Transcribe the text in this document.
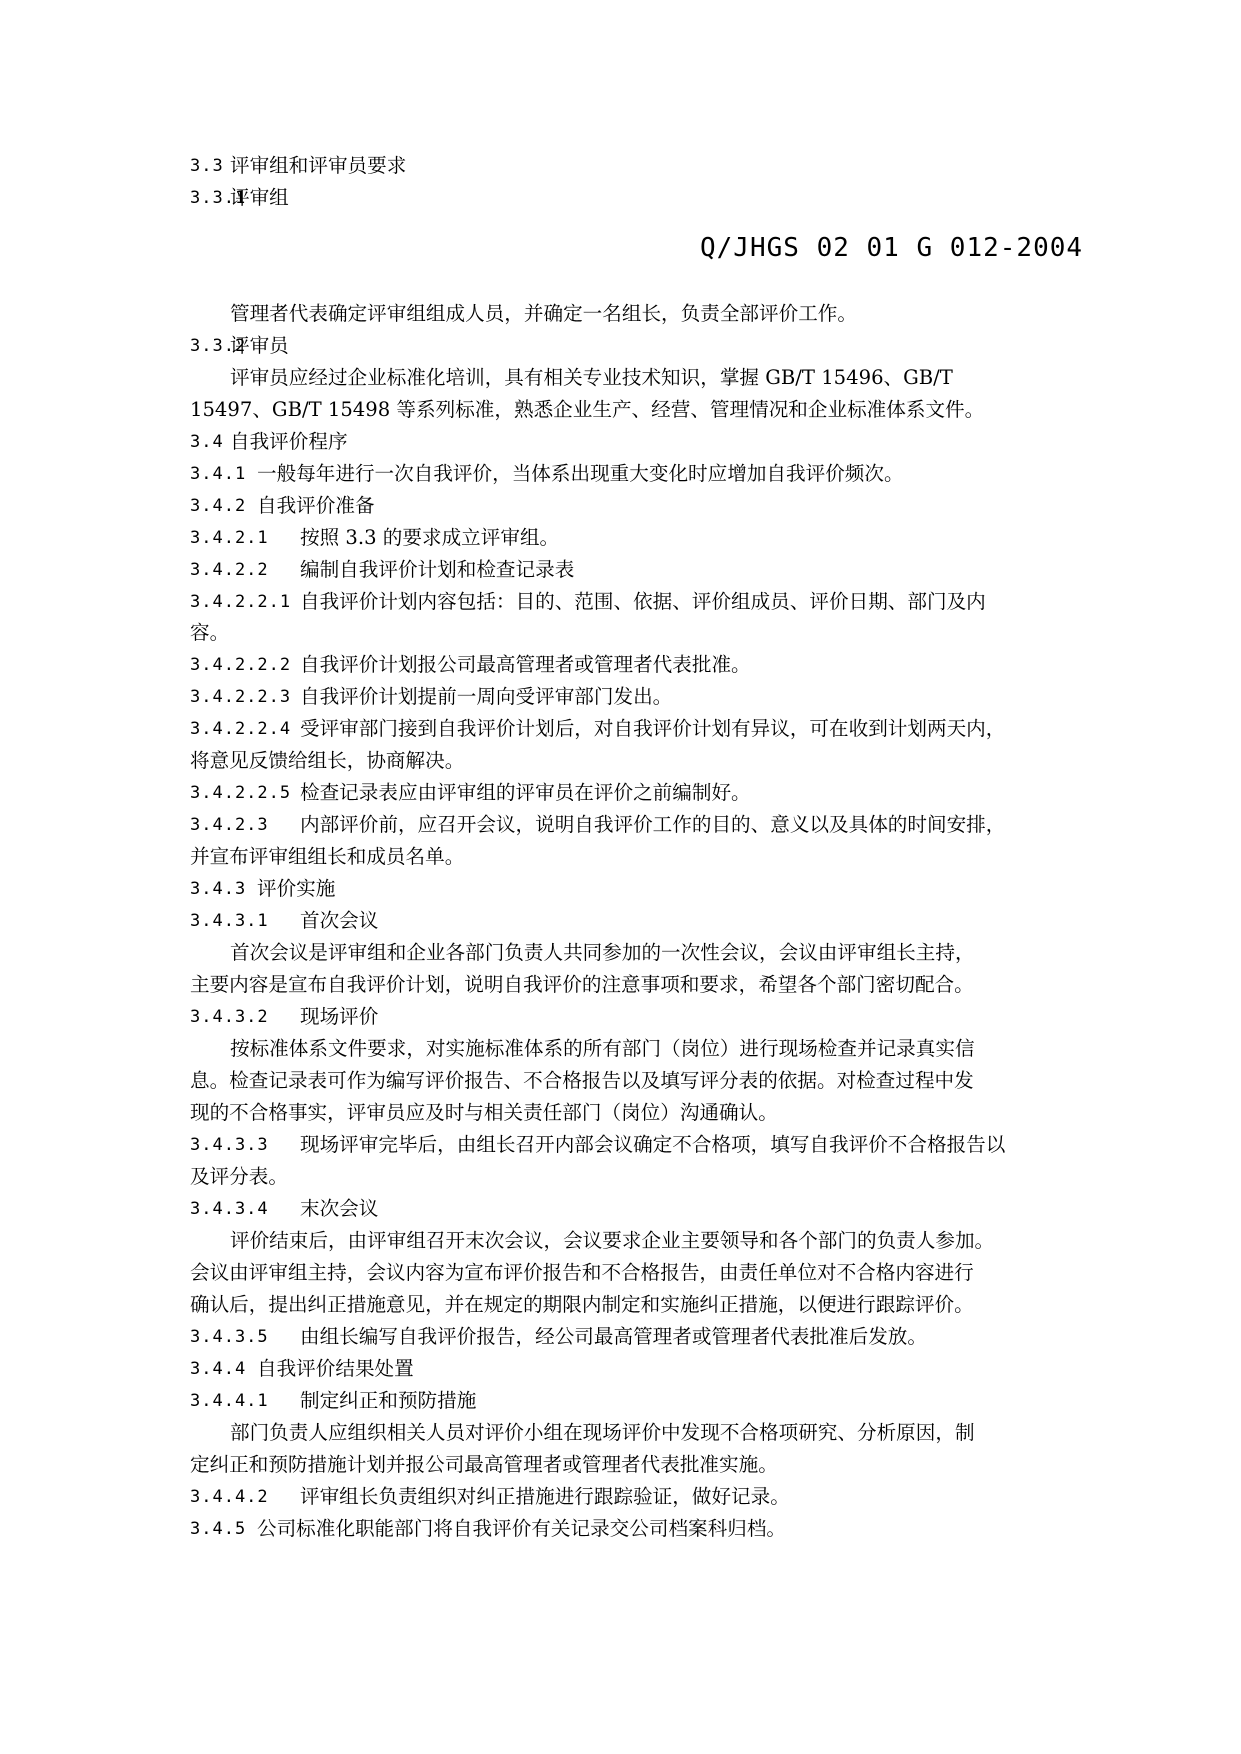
Q/JHGS 02 01 G 012-2004
3.3 评审组和评审员要求
3.3.1
评审组
管理者代表确定评审组组成人员，并确定一名组长，负责全部评价工作。
3.3.2
评审员
评审员应经过企业标准化培训，具有相关专业技术知识，掌握 GB/T 15496、GB/T
15497、GB/T 15498 等系列标准，熟悉企业生产、经营、管理情况和企业标准体系文件。
3.4 自我评价程序
3.4.1 一般每年进行一次自我评价，当体系出现重大变化时应增加自我评价频次。
3.4.2 自我评价准备
3.4.2.1 按照 3.3 的要求成立评审组。
3.4.2.2 编制自我评价计划和检查记录表
3.4.2.2.1 自我评价计划内容包括：目的、范围、依据、评价组成员、评价日期、部门及内
容。
3.4.2.2.2 自我评价计划报公司最高管理者或管理者代表批准。
3.4.2.2.3 自我评价计划提前一周向受评审部门发出。
3.4.2.2.4 受评审部门接到自我评价计划后，对自我评价计划有异议，可在收到计划两天内，
将意见反馈给组长，协商解决。
3.4.2.2.5 检查记录表应由评审组的评审员在评价之前编制好。
3.4.2.3 内部评价前，应召开会议，说明自我评价工作的目的、意义以及具体的时间安排，
并宣布评审组组长和成员名单。
3.4.3 评价实施
3.4.3.1 首次会议
首次会议是评审组和企业各部门负责人共同参加的一次性会议，会议由评审组长主持，
主要内容是宣布自我评价计划，说明自我评价的注意事项和要求，希望各个部门密切配合。
3.4.3.2 现场评价
按标准体系文件要求，对实施标准体系的所有部门（岗位）进行现场检查并记录真实信
息。检查记录表可作为编写评价报告、不合格报告以及填写评分表的依据。对检查过程中发
现的不合格事实，评审员应及时与相关责任部门（岗位）沟通确认。
3.4.3.3 现场评审完毕后，由组长召开内部会议确定不合格项，填写自我评价不合格报告以
及评分表。
3.4.3.4 末次会议
评价结束后，由评审组召开末次会议，会议要求企业主要领导和各个部门的负责人参加。
会议由评审组主持，会议内容为宣布评价报告和不合格报告，由责任单位对不合格内容进行
确认后，提出纠正措施意见，并在规定的期限内制定和实施纠正措施，以便进行跟踪评价。
3.4.3.5 由组长编写自我评价报告，经公司最高管理者或管理者代表批准后发放。
3.4.4 自我评价结果处置
3.4.4.1 制定纠正和预防措施
部门负责人应组织相关人员对评价小组在现场评价中发现不合格项研究、分析原因，制
定纠正和预防措施计划并报公司最高管理者或管理者代表批准实施。
3.4.4.2 评审组长负责组织对纠正措施进行跟踪验证，做好记录。
3.4.5 公司标准化职能部门将自我评价有关记录交公司档案科归档。
